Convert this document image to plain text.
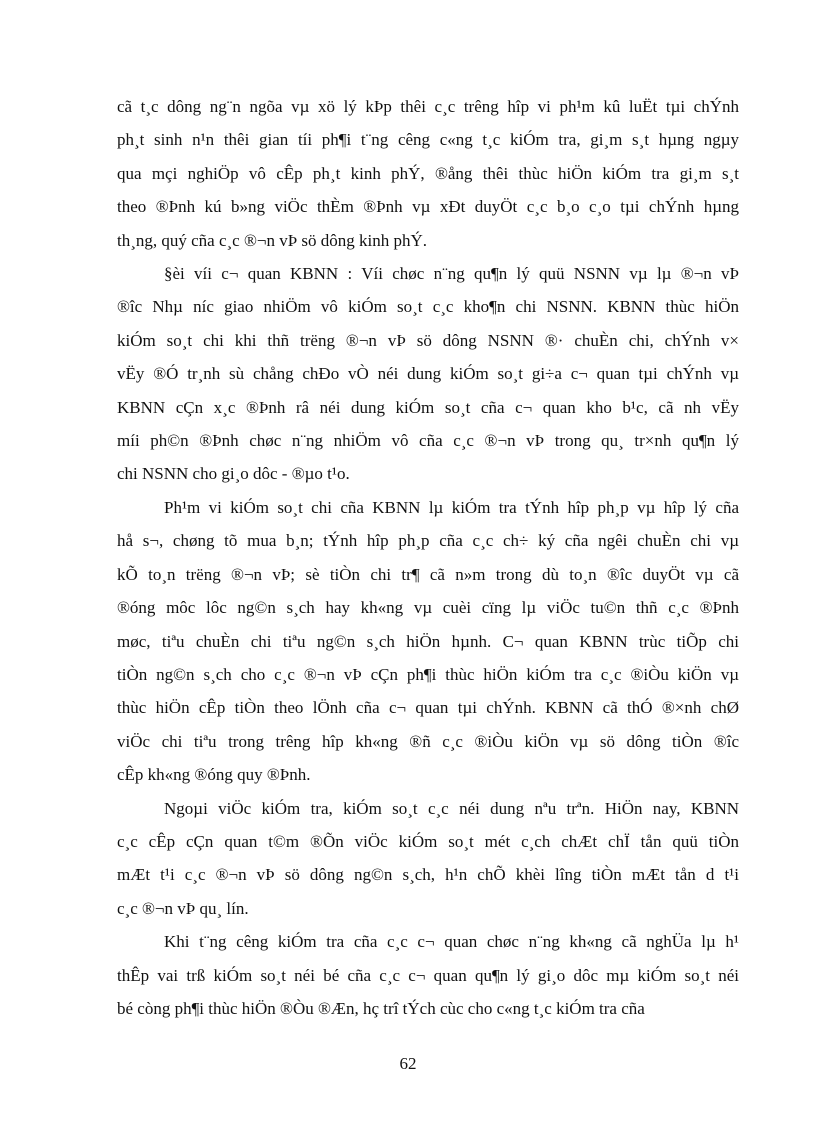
cã t¸c dông ng¨n ngõa vµ xö lý kÞp thêi c¸c trêng hîp vi ph¹m kû luËt tµi chÝnh
ph¸t sinh n¹n thêi gian tíi ph¶i t¨ng cêng c«ng t¸c kiÓm tra, gi¸m s¸t hµng ngµy
qua mçi nghiÖp vô cÊp ph¸t kinh phÝ, ®ång thêi thùc hiÖn kiÓm tra gi¸m s¸t
theo ®Þnh kú b»ng viÖc thÈm ®Þnh vµ xÐt duyÖt c¸c b¸o c¸o tµi chÝnh hµng
th¸ng, quý cña c¸c ®¬n vÞ sö dông kinh phÝ.

§èi víi c¬ quan KBNN : Víi chøc n¨ng qu¶n lý quü NSNN vµ lµ ®¬n vÞ
®îc Nhµ níc giao nhiÖm vô kiÓm so¸t c¸c kho¶n chi NSNN. KBNN thùc hiÖn
kiÓm so¸t chi khi thñ trëng ®¬n vÞ sö dông NSNN ®· chuÈn chi, chÝnh v×
vËy ®Ó tr¸nh sù chång chÐo vÒ néi dung kiÓm so¸t gi÷a c¬ quan tµi chÝnh vµ
KBNN cÇn x¸c ®Þnh râ néi dung kiÓm so¸t cña c¬ quan kho b¹c, cã nh vËy
míi ph©n ®Þnh chøc n¨ng nhiÖm vô cña c¸c ®¬n vÞ trong qu¸ tr×nh qu¶n lý
chi NSNN cho gi¸o dôc - ®µo t¹o.

Ph¹m vi kiÓm so¸t chi cña KBNN lµ kiÓm tra tÝnh hîp ph¸p vµ hîp lý cña
hå s¬, chøng tõ mua b¸n; tÝnh hîp ph¸p cña c¸c ch÷ ký cña ngêi chuÈn chi vµ
kÕ to¸n trëng ®¬n vÞ; sè tiÒn chi tr¶ cã n»m trong dù to¸n ®îc duyÖt vµ cã
®óng môc lôc ng©n s¸ch hay kh«ng vµ cuèi cïng lµ viÖc tu©n thñ c¸c ®Þnh
møc, tiªu chuÈn chi tiªu ng©n s¸ch hiÖn hµnh. C¬ quan KBNN trùc tiÕp chi
tiÒn ng©n s¸ch cho c¸c ®¬n vÞ cÇn ph¶i thùc hiÖn kiÓm tra c¸c ®iÒu kiÖn vµ
thùc hiÖn cÊp tiÒn theo lÖnh cña c¬ quan tµi chÝnh. KBNN cã thÓ ®×nh chØ
viÖc chi tiªu trong trêng hîp kh«ng ®ñ c¸c ®iÒu kiÖn vµ sö dông tiÒn ®îc
cÊp kh«ng ®óng quy ®Þnh.

Ngoµi viÖc kiÓm tra, kiÓm so¸t c¸c néi dung nªu trªn. HiÖn nay, KBNN
c¸c cÊp cÇn quan t©m ®Õn viÖc kiÓm so¸t mét c¸ch chÆt chÏ tån quü tiÒn
mÆt t¹i c¸c ®¬n vÞ sö dông ng©n s¸ch, h¹n chÕ khèi lîng tiÒn mÆt tån d t¹i
c¸c ®¬n vÞ qu¸ lín.

Khi t¨ng cêng kiÓm tra cña c¸c c¬ quan chøc n¨ng kh«ng cã nghÜa lµ h¹
thÊp vai trß kiÓm so¸t néi bé cña c¸c c¬ quan qu¶n lý gi¸o dôc mµ kiÓm so¸t néi
bé còng ph¶i thùc hiÖn ®Òu ®Æn, hç trî tÝch cùc cho c«ng t¸c kiÓm tra cña

62
